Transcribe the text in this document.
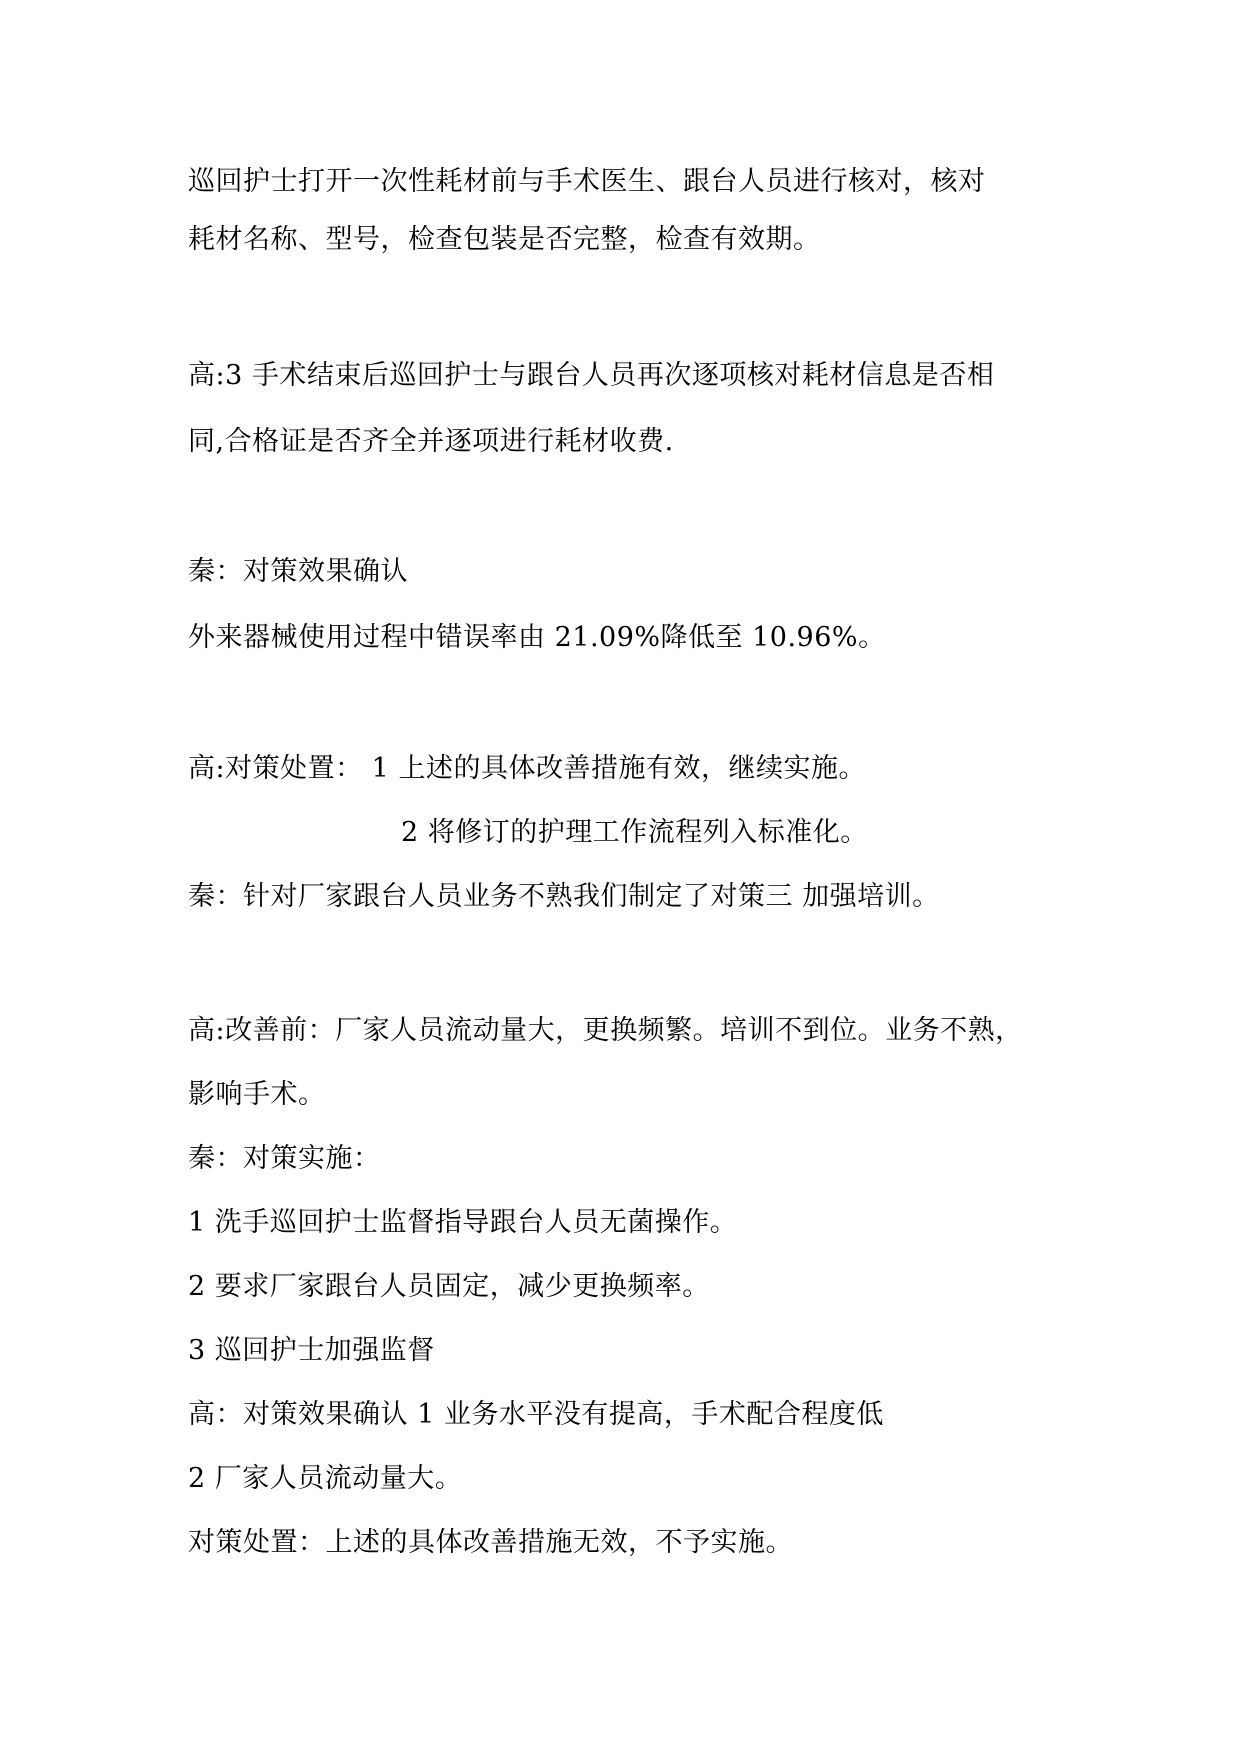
巡回护士打开一次性耗材前与手术医生、跟台人员进行核对，核对

耗材名称、型号，检查包装是否完整，检查有效期。

高:3 手术结束后巡回护士与跟台人员再次逐项核对耗材信息是否相

同,合格证是否齐全并逐项进行耗材收费.

秦：对策效果确认

外来器械使用过程中错误率由 21.09%降低至 10.96%。

高:对策处置： 1 上述的具体改善措施有效，继续实施。

2 将修订的护理工作流程列入标准化。

秦：针对厂家跟台人员业务不熟我们制定了对策三 加强培训。

高:改善前：厂家人员流动量大，更换频繁。培训不到位。业务不熟，

影响手术。

秦：对策实施：

1 洗手巡回护士监督指导跟台人员无菌操作。

2 要求厂家跟台人员固定，减少更换频率。

3 巡回护士加强监督

高：对策效果确认 1 业务水平没有提高，手术配合程度低

2 厂家人员流动量大。

对策处置：上述的具体改善措施无效，不予实施。
